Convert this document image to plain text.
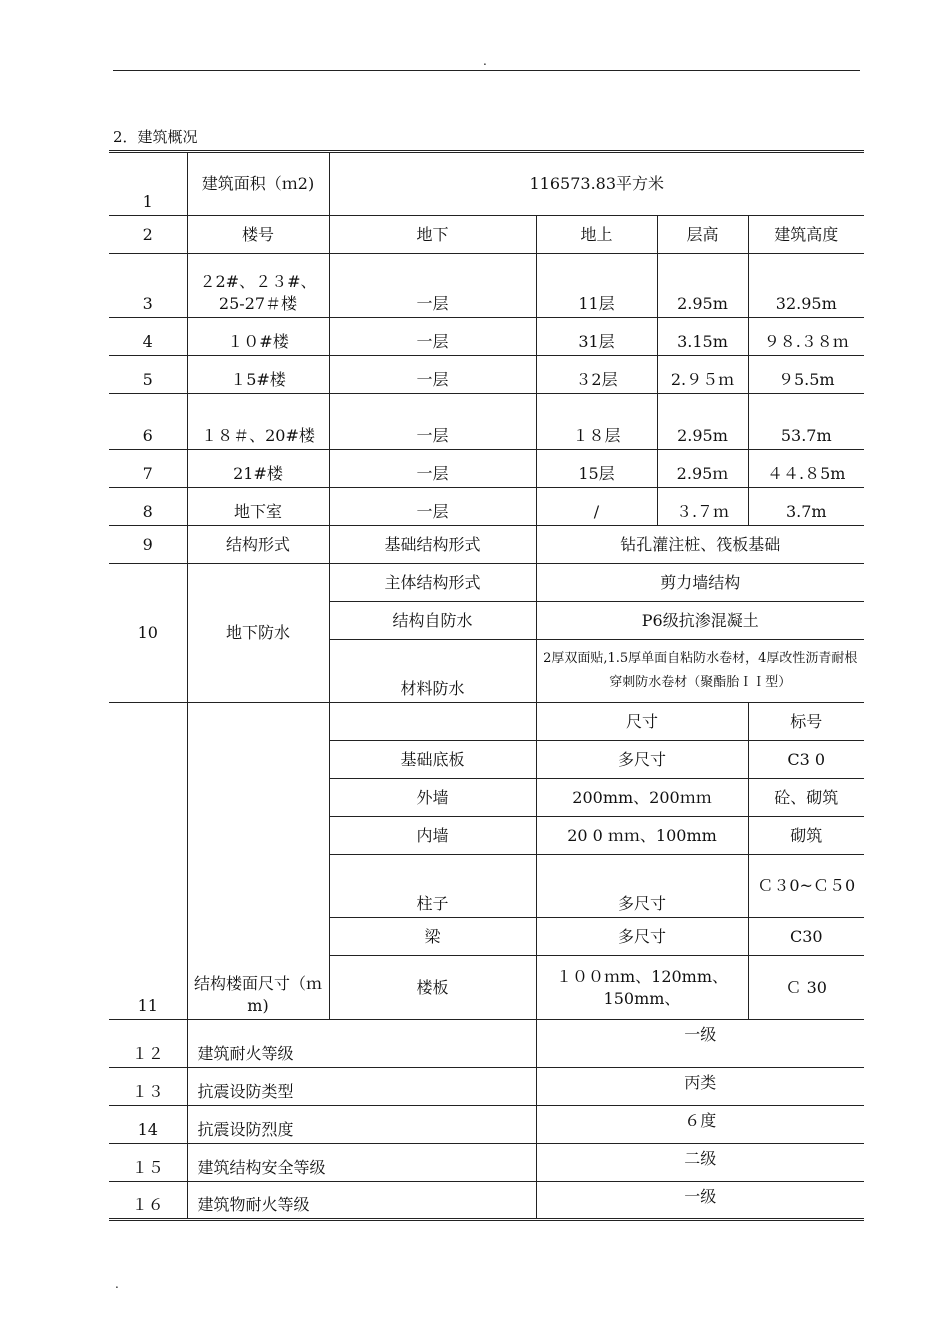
.
2．建筑概况
1	建筑面积（ｍ2)	116573.83平方米			
2	楼号	地下	地上	层高	建筑高度
3	２2#、２３#、25-27＃楼	一层	11层	2.95m	32.95m
4	１０#楼	一层	31层	3.15m	９８.３８ｍ
5	１5#楼	一层	３2层	2.９５ｍ	９5.5m
6	１８＃、20#楼	一层	１８层	2.95m	53.7m
7	21#楼	一层	15层	2.95ｍ	４４.８5m
8	地下室	一层	/	３.７ｍ	3.7m
9	结构形式	基础结构形式	钻孔灌注桩、筏板基础		
10	地下防水	主体结构形式	剪力墙结构		
		结构自防水	P6级抗渗混凝土		
		材料防水	2厚双面贴,1.5厚单面自粘防水卷材，4厚改性沥青耐根穿刺防水卷材（聚酯胎ＩＩ型）		
11	结构楼面尺寸（ｍm)		尺寸		标号
		基础底板	多尺寸		C3 0
		外墙	200mm、200ｍｍ		砼、砌筑
		内墙	20 0 ｍｍ、100mm		砌筑
		柱子	多尺寸		Ｃ３0~Ｃ５0
		梁	多尺寸		C30
		楼板	１００ｍm、120mm、150mm、		Ｃ 30
１２	建筑耐火等级		一级		
１３	抗震设防类型		丙类		
14	抗震设防烈度		６度		
１５	建筑结构安全等级		二级		
１６	建筑物耐火等级		一级		
.
